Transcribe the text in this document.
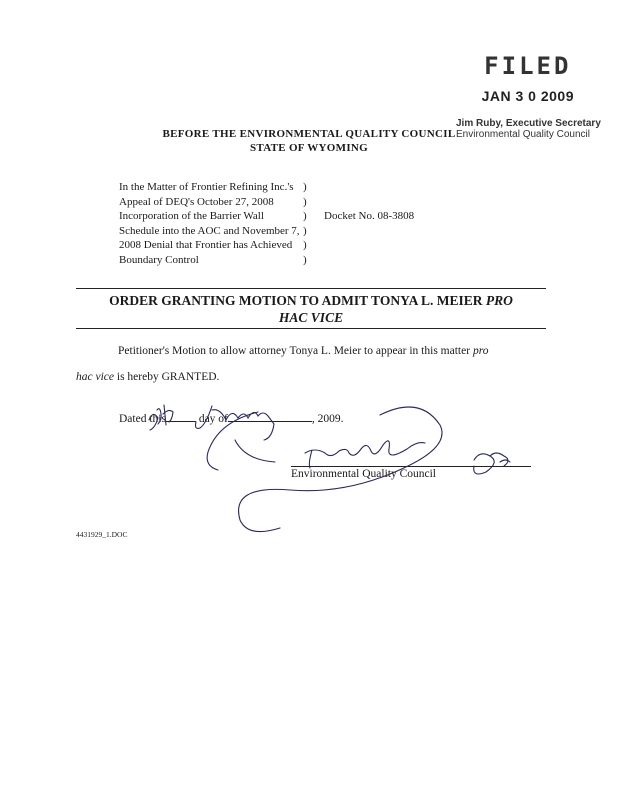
FILED
JAN 3 0 2009
Jim Ruby, Executive Secretary
Environmental Quality Council
BEFORE THE ENVIRONMENTAL QUALITY COUNCIL
STATE OF WYOMING
In the Matter of Frontier Refining Inc.'s
Appeal of DEQ's October 27, 2008
Incorporation of the Barrier Wall
Schedule into the AOC and November 7,
2008 Denial that Frontier has Achieved
Boundary Control
)
)
)
)
)
)
Docket No. 08-3808
ORDER GRANTING MOTION TO ADMIT TONYA L. MEIER PRO
HAC VICE
Petitioner's Motion to allow attorney Tonya L. Meier to appear in this matter pro
hac vice is hereby GRANTED.
Dated this	day of	, 2009.
Environmental Quality Council
4431929_1.DOC
